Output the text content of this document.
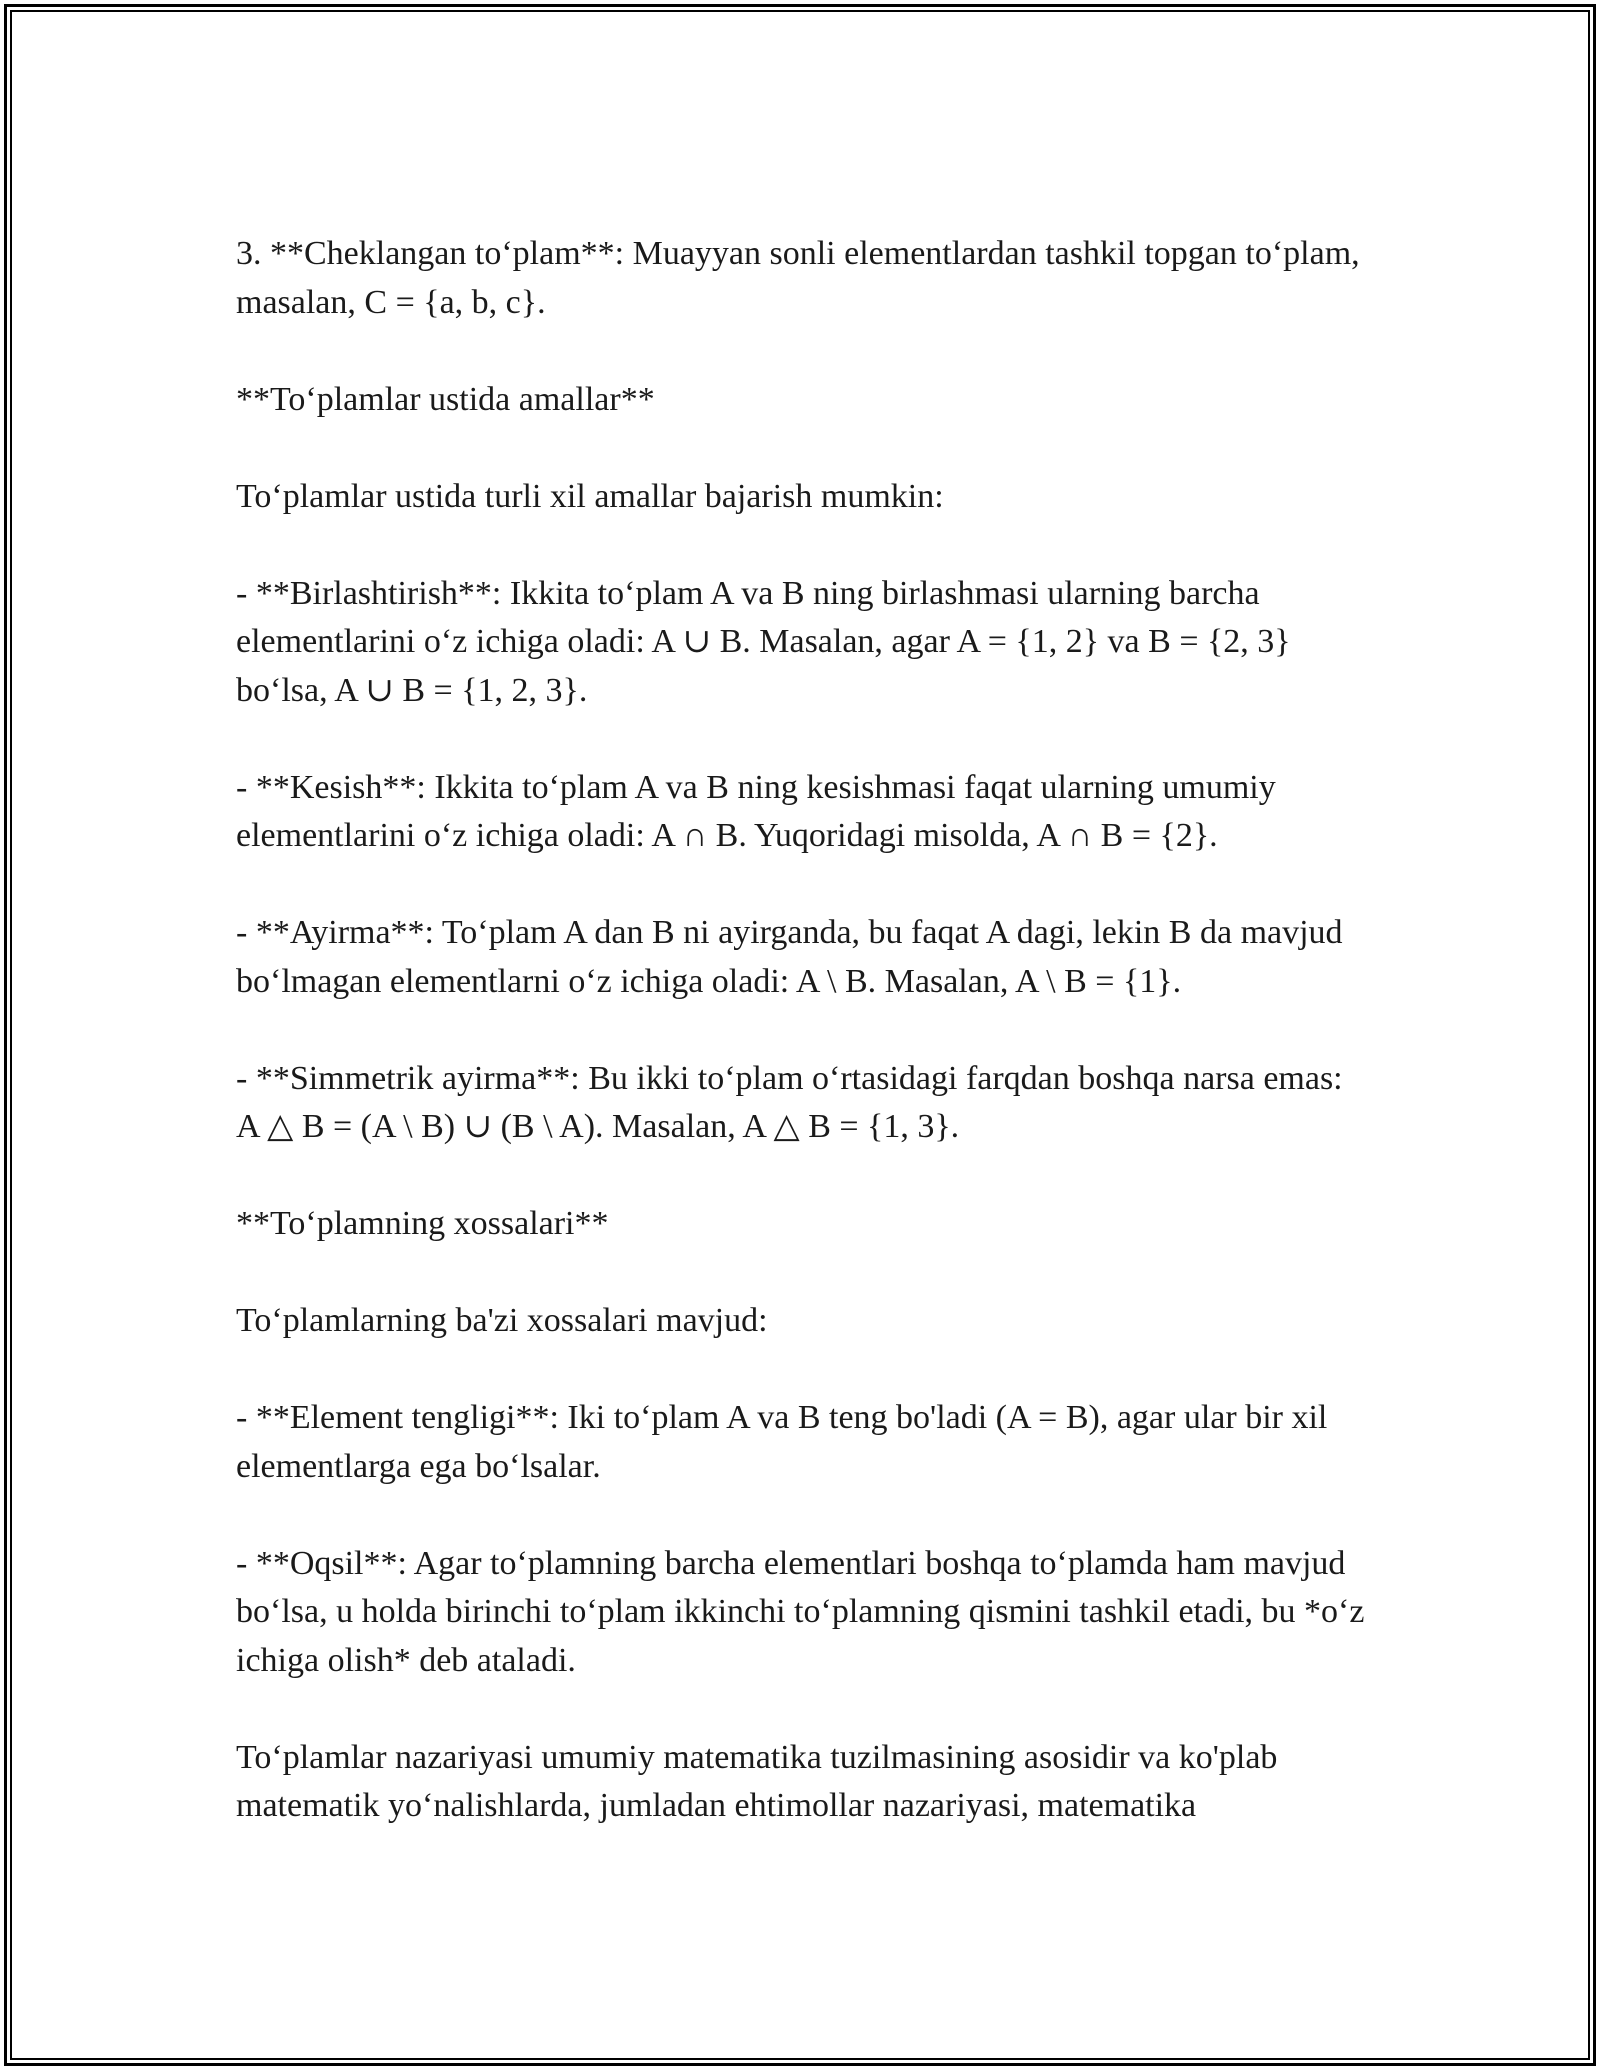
3. **Cheklangan to‘plam**: Muayyan sonli elementlardan tashkil topgan to‘plam, masalan, C = {a, b, c}.

**To‘plamlar ustida amallar**

To‘plamlar ustida turli xil amallar bajarish mumkin:

- **Birlashtirish**: Ikkita to‘plam A va B ning birlashmasi ularning barcha elementlarini o‘z ichiga oladi: A ∪ B. Masalan, agar A = {1, 2} va B = {2, 3} bo‘lsa, A ∪ B = {1, 2, 3}.

- **Kesish**: Ikkita to‘plam A va B ning kesishmasi faqat ularning umumiy elementlarini o‘z ichiga oladi: A ∩ B. Yuqoridagi misolda, A ∩ B = {2}.

- **Ayirma**: To‘plam A dan B ni ayirganda, bu faqat A dagi, lekin B da mavjud bo‘lmagan elementlarni o‘z ichiga oladi: A \ B. Masalan, A \ B = {1}.

- **Simmetrik ayirma**: Bu ikki to‘plam o‘rtasidagi farqdan boshqa narsa emas: A △ B = (A \ B) ∪ (B \ A). Masalan, A △ B = {1, 3}.

**To‘plamning xossalari**

To‘plamlarning ba'zi xossalari mavjud:

- **Element tengligi**: Iki to‘plam A va B teng bo'ladi (A = B), agar ular bir xil elementlarga ega bo‘lsalar.

- **Oqsil**: Agar to‘plamning barcha elementlari boshqa to‘plamda ham mavjud bo‘lsa, u holda birinchi to‘plam ikkinchi to‘plamning qismini tashkil etadi, bu *o‘z ichiga olish* deb ataladi.

To‘plamlar nazariyasi umumiy matematika tuzilmasining asosidir va ko'plab matematik yo‘nalishlarda, jumladan ehtimollar nazariyasi, matematika
